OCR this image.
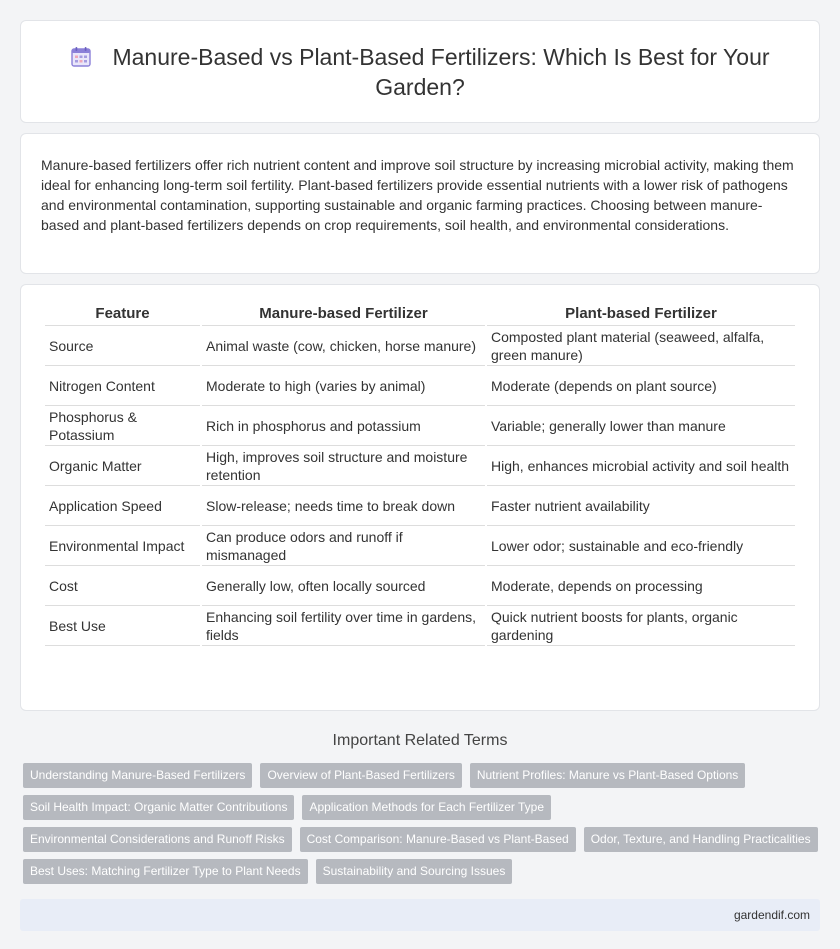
Manure-Based vs Plant-Based Fertilizers: Which Is Best for Your Garden?

Manure-based fertilizers offer rich nutrient content and improve soil structure by increasing microbial activity, making them ideal for enhancing long-term soil fertility. Plant-based fertilizers provide essential nutrients with a lower risk of pathogens and environmental contamination, supporting sustainable and organic farming practices. Choosing between manure-based and plant-based fertilizers depends on crop requirements, soil health, and environmental considerations.

Feature	Manure-based Fertilizer	Plant-based Fertilizer
Source	Animal waste (cow, chicken, horse manure)	Composted plant material (seaweed, alfalfa, green manure)
Nitrogen Content	Moderate to high (varies by animal)	Moderate (depends on plant source)
Phosphorus & Potassium	Rich in phosphorus and potassium	Variable; generally lower than manure
Organic Matter	High, improves soil structure and moisture retention	High, enhances microbial activity and soil health
Application Speed	Slow-release; needs time to break down	Faster nutrient availability
Environmental Impact	Can produce odors and runoff if mismanaged	Lower odor; sustainable and eco-friendly
Cost	Generally low, often locally sourced	Moderate, depends on processing
Best Use	Enhancing soil fertility over time in gardens, fields	Quick nutrient boosts for plants, organic gardening
Important Related Terms
Understanding Manure-Based Fertilizers	Overview of Plant-Based Fertilizers	Nutrient Profiles: Manure vs Plant-Based Options
Soil Health Impact: Organic Matter Contributions	Application Methods for Each Fertilizer Type
Environmental Considerations and Runoff Risks	Cost Comparison: Manure-Based vs Plant-Based	Odor, Texture, and Handling Practicalities
Best Uses: Matching Fertilizer Type to Plant Needs	Sustainability and Sourcing Issues
gardendif.com
